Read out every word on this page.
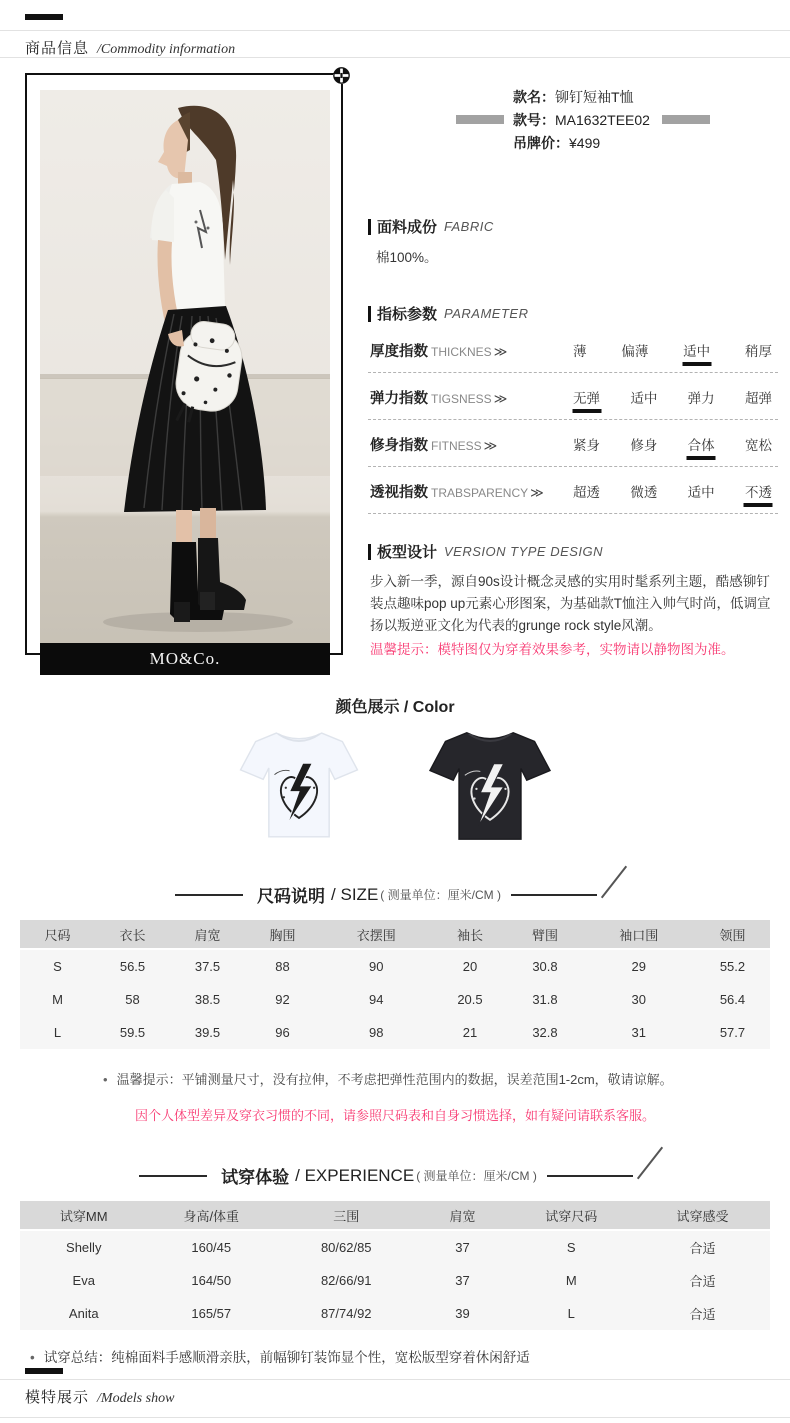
商品信息 /Commodity information
MO&Co.
款名： 铆钉短袖T恤
款号： MA1632TEE02
吊牌价： ¥499
面料成份 FABRIC

棉100%。

指标参数 PARAMETER
厚度指数 THICKNES ≫	薄	偏薄	适中	稍厚
弹力指数 TIGSNESS ≫	无弹 适中 弹力 超弹
修身指数 FITNESS ≫	紧身 修身 合体 宽松
透视指数 TRABSPARENCY ≫	超透 微透 适中 不透
板型设计 VERSION TYPE DESIGN

步入新一季，源自90s设计概念灵感的实用时髦系列主题，酷感铆钉装点趣味pop up元素心形图案，为基础款T恤注入帅气时尚，低调宣扬以叛逆亚文化为代表的grunge rock style风潮。

温馨提示：模特图仅为穿着效果参考，实物请以静物图为准。

颜色展示 / Color
尺码说明 / SIZE ( 测量单位：厘米/CM )
尺码	衣长	肩宽	胸围	衣摆围	袖长	臂围	袖口围	领围
S	56.5	37.5	88	90	20	30.8	29	55.2
M	58	38.5	92	94	20.5	31.8	30	56.4
L	59.5	39.5	96	98	21	32.8	31	57.7
• 温馨提示：平铺测量尺寸，没有拉伸，不考虑把弹性范围内的数据，误差范围1-2cm，敬请谅解。
因个人体型差异及穿衣习惯的不同，请参照尺码表和自身习惯选择，如有疑问请联系客服。
试穿体验 / EXPERIENCE ( 测量单位：厘米/CM )
试穿MM	身高/体重	三围	肩宽	试穿尺码	试穿感受
Shelly	160/45	80/62/85	37	S	合适
Eva	164/50	82/66/91	37	M	合适
Anita	165/57	87/74/92	39	L	合适
• 试穿总结：纯棉面料手感顺滑亲肤，前幅铆钉装饰显个性，宽松版型穿着休闲舒适
模特展示 /Models show
